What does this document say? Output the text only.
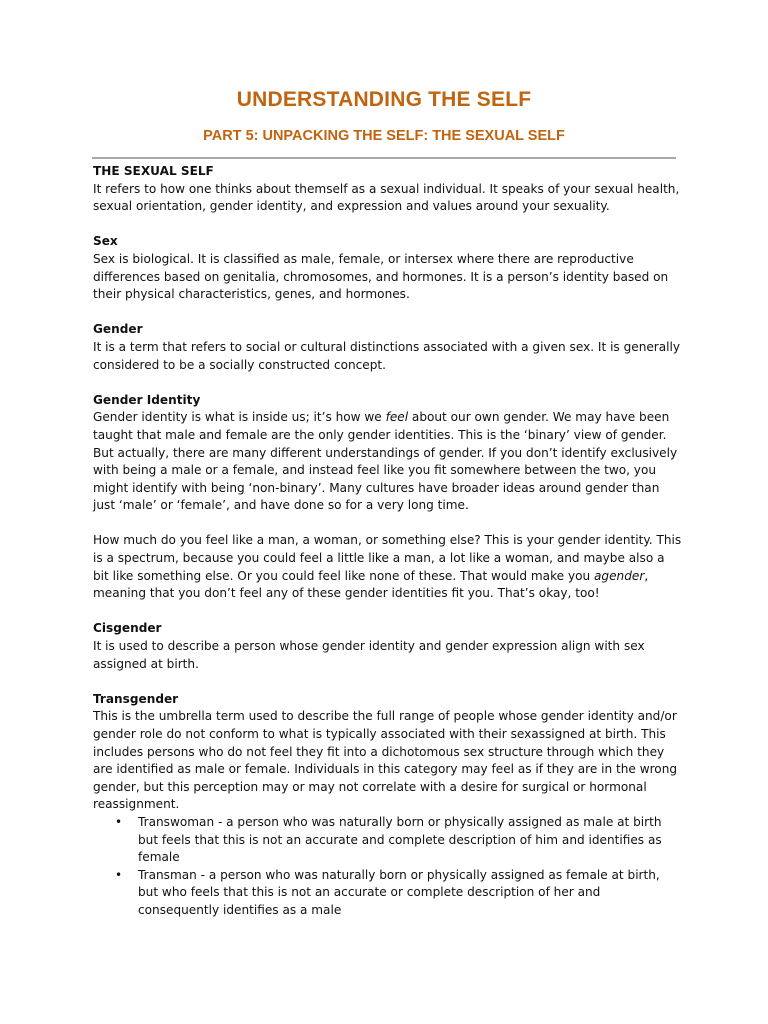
UNDERSTANDING THE SELF
PART 5: UNPACKING THE SELF: THE SEXUAL SELF
THE SEXUAL SELF
It refers to how one thinks about themself as a sexual individual. It speaks of your sexual health, sexual orientation, gender identity, and expression and values around your sexuality.
Sex
Sex is biological. It is classified as male, female, or intersex where there are reproductive differences based on genitalia, chromosomes, and hormones. It is a person’s identity based on their physical characteristics, genes, and hormones.
Gender
It is a term that refers to social or cultural distinctions associated with a given sex. It is generally considered to be a socially constructed concept.
Gender Identity
Gender identity is what is inside us; it’s how we feel about our own gender. We may have been taught that male and female are the only gender identities. This is the ‘binary’ view of gender. But actually, there are many different understandings of gender. If you don’t identify exclusively with being a male or a female, and instead feel like you fit somewhere between the two, you might identify with being ‘non-binary’. Many cultures have broader ideas around gender than just ‘male’ or ‘female’, and have done so for a very long time.
How much do you feel like a man, a woman, or something else? This is your gender identity. This is a spectrum, because you could feel a little like a man, a lot like a woman, and maybe also a bit like something else. Or you could feel like none of these. That would make you agender, meaning that you don’t feel any of these gender identities fit you. That’s okay, too!
Cisgender
It is used to describe a person whose gender identity and gender expression align with sex assigned at birth.
Transgender
This is the umbrella term used to describe the full range of people whose gender identity and/or gender role do not conform to what is typically associated with their sexassigned at birth. This includes persons who do not feel they fit into a dichotomous sex structure through which they are identified as male or female. Individuals in this category may feel as if they are in the wrong gender, but this perception may or may not correlate with a desire for surgical or hormonal reassignment.
• Transwoman - a person who was naturally born or physically assigned as male at birth but feels that this is not an accurate and complete description of him and identifies as female
• Transman - a person who was naturally born or physically assigned as female at birth, but who feels that this is not an accurate or complete description of her and consequently identifies as a male
